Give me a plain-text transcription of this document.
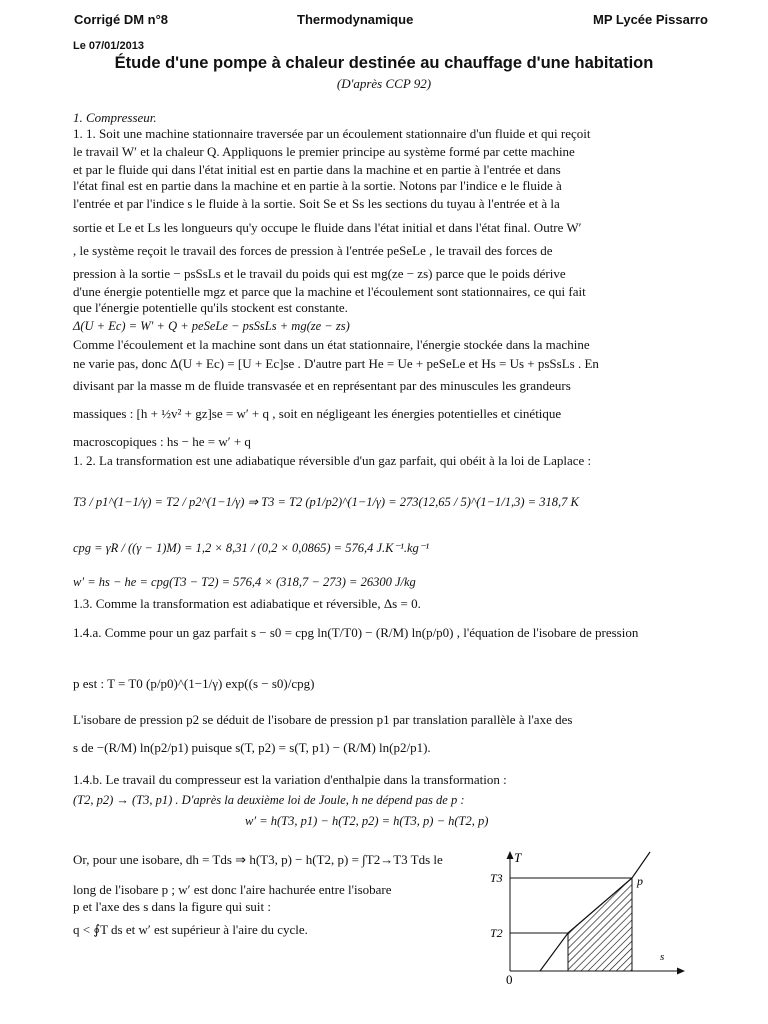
Corrigé DM n°8	Thermodynamique	MP Lycée Pissarro
Le 07/01/2013
Étude d'une pompe à chaleur destinée au chauffage d'une habitation
(D'après CCP 92)
1. Compresseur.
1. 1. Soit une machine stationnaire traversée par un écoulement stationnaire d'un fluide et qui reçoit
le travail W′ et la chaleur Q. Appliquons le premier principe au système formé par cette machine
et par le fluide qui dans l'état initial est en partie dans la machine et en partie à l'entrée et dans
l'état final est en partie dans la machine et en partie à la sortie. Notons par l'indice e le fluide à
l'entrée et par l'indice s le fluide à la sortie. Soit Se et Ss les sections du tuyau à l'entrée et à la
sortie et Le et Ls les longueurs qu'y occupe le fluide dans l'état initial et dans l'état final. Outre W′
, le système reçoit le travail des forces de pression à l'entrée peSeLe , le travail des forces de
pression à la sortie − psSsLs et le travail du poids qui est mg(ze − zs) parce que le poids dérive
d'une énergie potentielle mgz et parce que la machine et l'écoulement sont stationnaires, ce qui fait
que l'énergie potentielle qu'ils stockent est constante.
Δ(U + Ec) = W′ + Q + peSeLe − psSsLs + mg(ze − zs)
Comme l'écoulement et la machine sont dans un état stationnaire, l'énergie stockée dans la machine
ne varie pas, donc Δ(U + Ec) = [U + Ec]se . D'autre part He = Ue + peSeLe et Hs = Us + psSsLs . En
divisant par la masse m de fluide transvasée et en représentant par des minuscules les grandeurs
massiques : [h + ½v² + gz]se = w′ + q , soit en négligeant les énergies potentielles et cinétique
macroscopiques : hs − he = w′ + q
1. 2. La transformation est une adiabatique réversible d'un gaz parfait, qui obéit à la loi de Laplace :
T3 / p1^(1−1/γ) = T2 / p2^(1−1/γ) ⇒ T3 = T2 (p1/p2)^(1−1/γ) = 273(12,65 / 5)^(1−1/1,3) = 318,7 K
cpg = γR / ((γ − 1)M) = 1,2 × 8,31 / (0,2 × 0,0865) = 576,4 J.K⁻¹.kg⁻¹
w′ = hs − he = cpg(T3 − T2) = 576,4 × (318,7 − 273) = 26300 J/kg
1.3. Comme la transformation est adiabatique et réversible, Δs = 0.
1.4.a. Comme pour un gaz parfait s − s0 = cpg ln(T/T0) − (R/M) ln(p/p0) , l'équation de l'isobare de pression
p est : T = T0 (p/p0)^(1−1/γ) exp((s − s0)/cpg)
L'isobare de pression p2 se déduit de l'isobare de pression p1 par translation parallèle à l'axe des
s de −(R/M) ln(p2/p1) puisque s(T, p2) = s(T, p1) − (R/M) ln(p2/p1).
1.4.b. Le travail du compresseur est la variation d'enthalpie dans la transformation :
(T2, p2) → (T3, p1) . D'après la deuxième loi de Joule, h ne dépend pas de p :
w′ = h(T3, p1) − h(T2, p2) = h(T3, p) − h(T2, p)
Or, pour une isobare, dh = Tds ⇒ h(T3, p) − h(T2, p) = ∫T2→T3 Tds le
long de l'isobare p ; w′ est donc l'aire hachurée entre l'isobare
p et l'axe des s dans la figure qui suit :
q < ∮T ds et w′ est supérieur à l'aire du cycle.
T
T3
T2
p
s
0
